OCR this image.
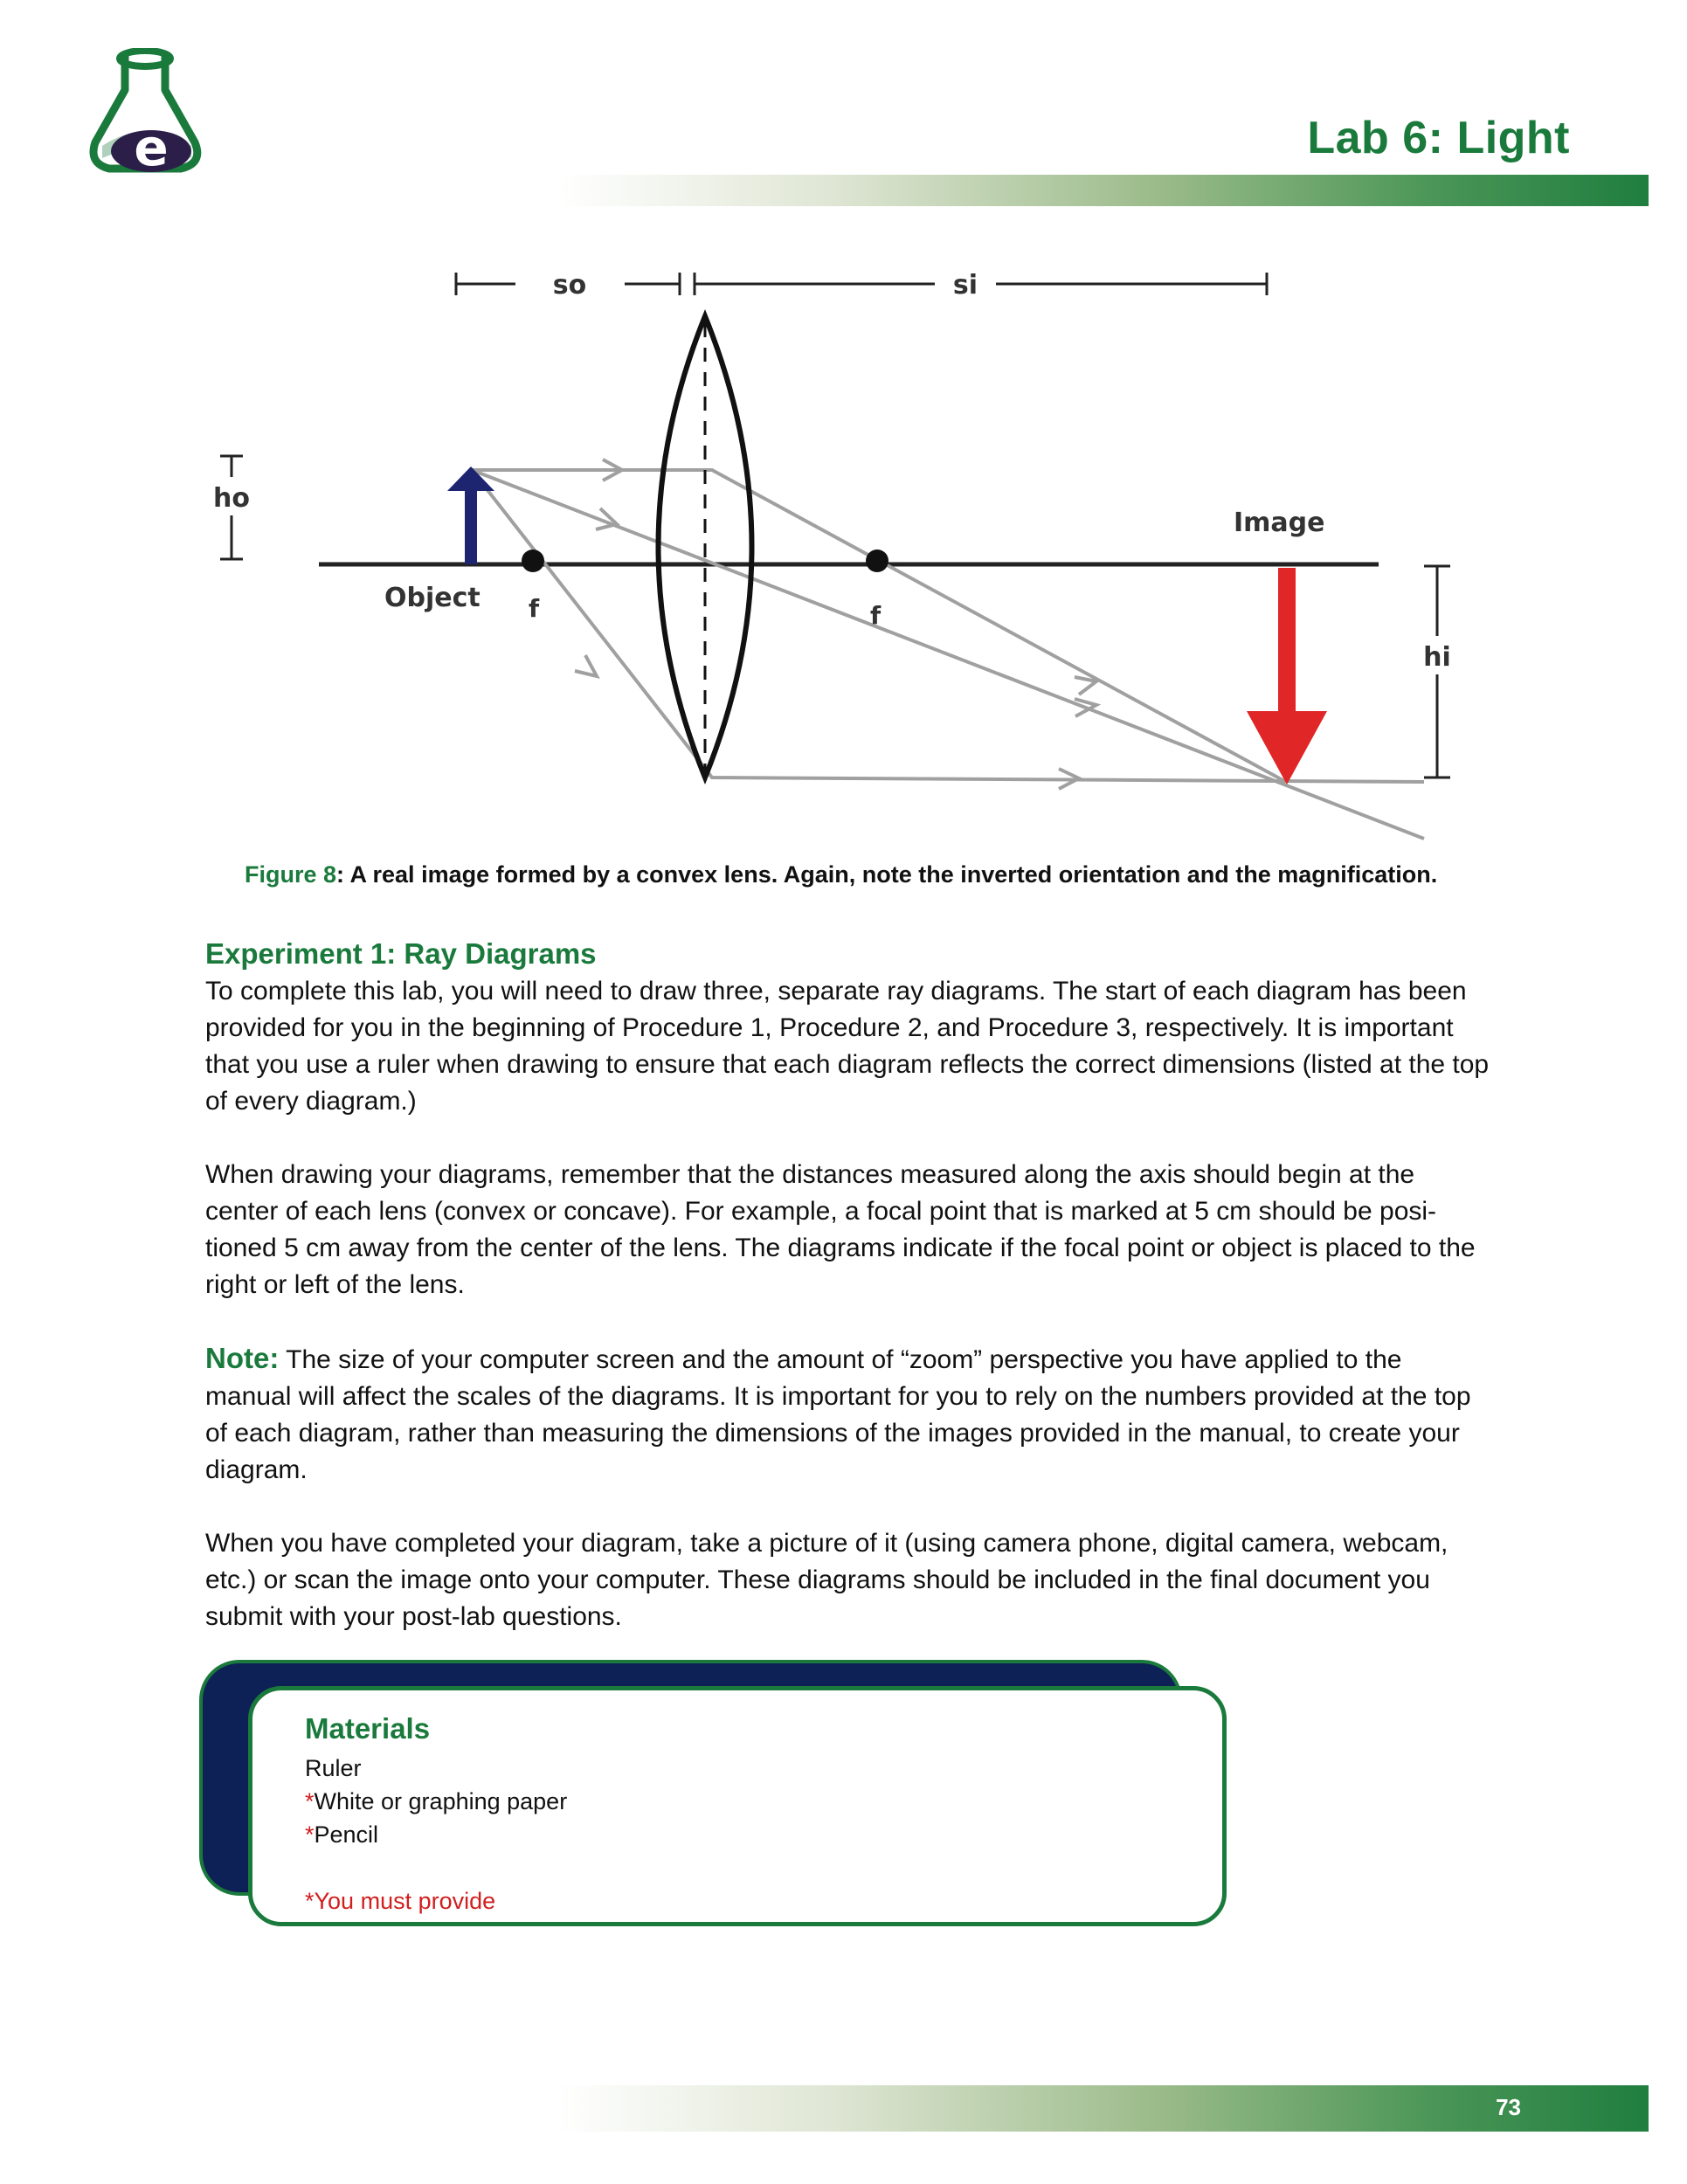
e	Lab 6: Light
so	si
ho
hi
f	f
Object
Image
Figure 8: A real image formed by a convex lens. Again, note the inverted orientation and the magnification.
Experiment 1: Ray Diagrams

To complete this lab, you will need to draw three, separate ray diagrams. The start of each diagram has been provided for you in the beginning of Procedure 1, Procedure 2, and Procedure 3, respectively. It is important that you use a ruler when drawing to ensure that each diagram reflects the correct dimensions (listed at the top of every diagram.)

When drawing your diagrams, remember that the distances measured along the axis should begin at the center of each lens (convex or concave). For example, a focal point that is marked at 5 cm should be positioned 5 cm away from the center of the lens. The diagrams indicate if the focal point or object is placed to the right or left of the lens.

Note: The size of your computer screen and the amount of “zoom” perspective you have applied to the manual will affect the scales of the diagrams. It is important for you to rely on the numbers provided at the top of each diagram, rather than measuring the dimensions of the images provided in the manual, to create your diagram.

When you have completed your diagram, take a picture of it (using camera phone, digital camera, webcam, etc.) or scan the image onto your computer. These diagrams should be included in the final document you submit with your post-lab questions.

Materials
Ruler
*White or graphing paper
*Pencil
*You must provide
73
